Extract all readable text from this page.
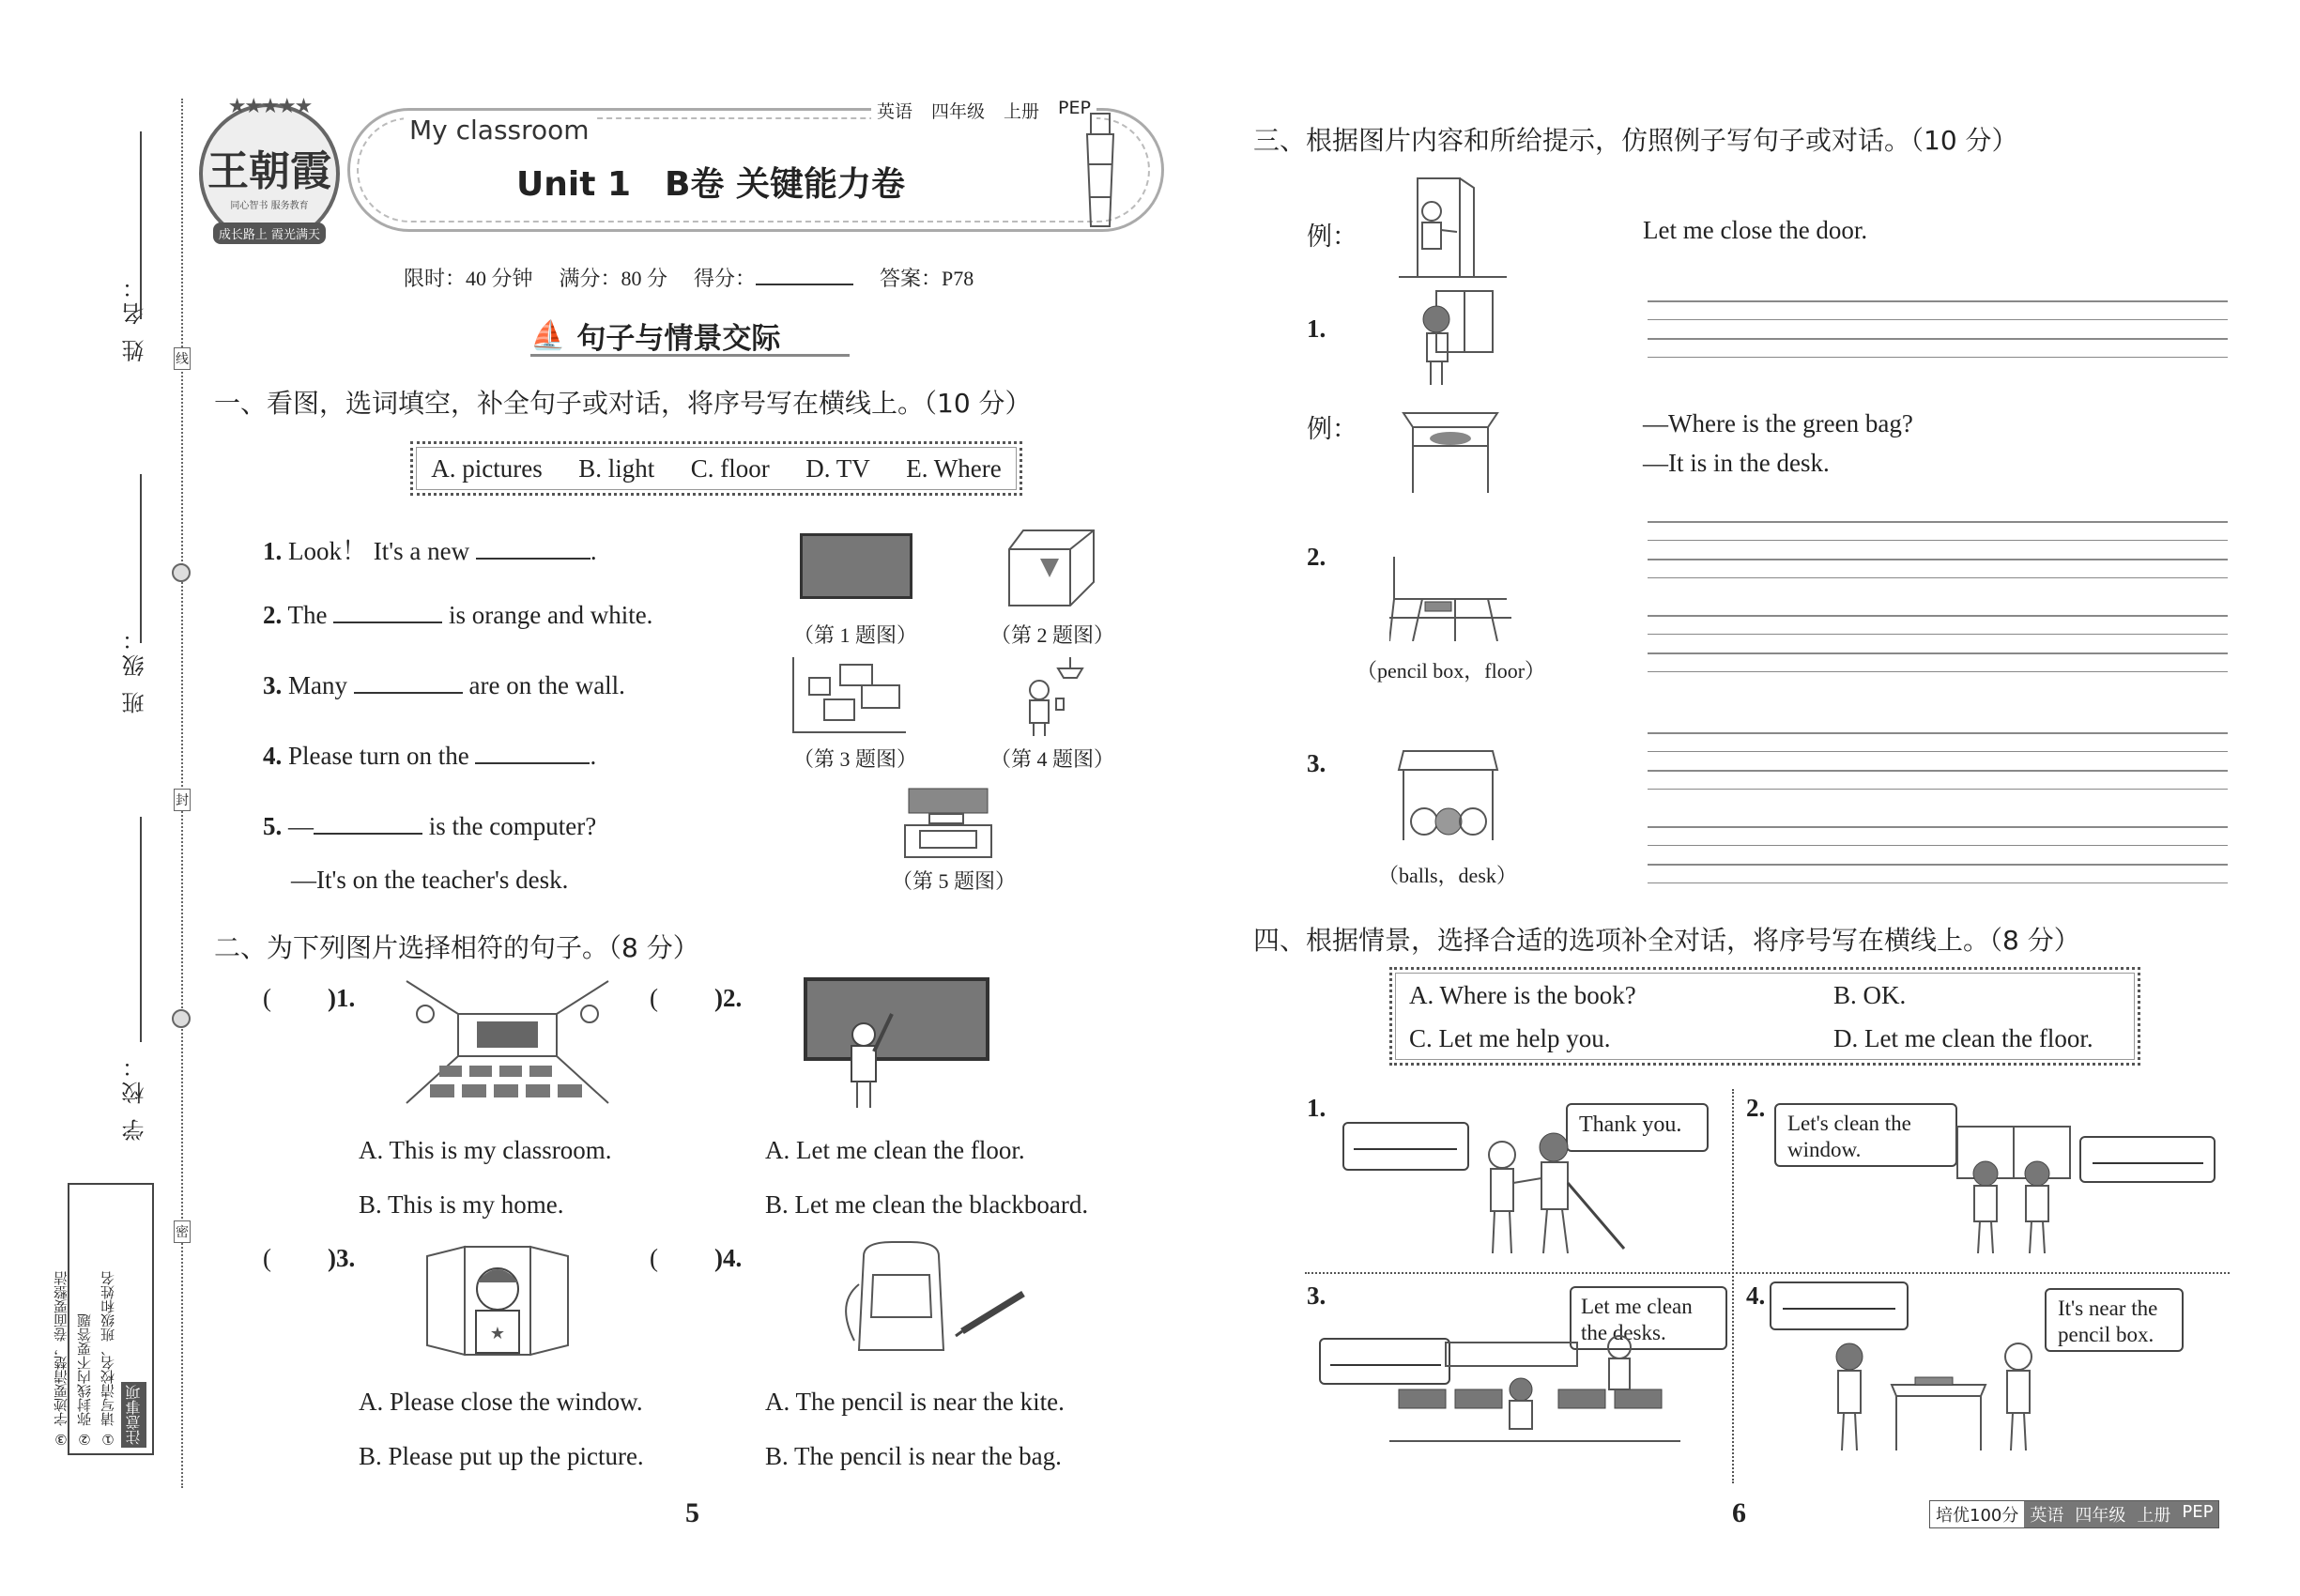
姓 名：
班 级：
学 校：
线
封
密
注意事项
① 请写清校名、班级和姓名
② 弥封线内不要答题
③ 字迹要清楚，卷面要整洁
★★★★★
王朝霞
同心智书 服务教育
成长路上 霞光满天
My classroom
英语 四年级 上册 PEP
Unit 1　B卷 关键能力卷
限时：40 分钟 满分：80 分 得分：	答案：P78
⛵ 句子与情景交际
一、看图，选词填空，补全句子或对话，将序号写在横线上。（10 分）
A. pictures B. light C. floor D. TV E. Where
1. Look！ It's a new	.
2. The	is orange and white.
3. Many	are on the wall.
4. Please turn on the	.
5. —	is the computer?
—It's on the teacher's desk.
（第 1 题图）	（第 2 题图）
（第 3 题图）	（第 4 题图）
（第 5 题图）
二、为下列图片选择相符的句子。（8 分）
( )1.
A. This is my classroom.
B. This is my home.
( )2.
A. Let me clean the floor.
B. Let me clean the blackboard.
( )3.
★
A. Please close the window.
B. Please put up the picture.
( )4.
A. The pencil is near the kite.
B. The pencil is near the bag.
三、根据图片内容和所给提示，仿照例子写句子或对话。（10 分）
例：	Let me close the door.
1.
例：	—Where is the green bag?
—It is in the desk.
2.
（pencil box，floor）
3.
（balls，desk）
四、根据情景，选择合适的选项补全对话，将序号写在横线上。（8 分）
A. Where is the book?	B. OK.
C. Let me help you.	D. Let me clean the floor.
1.
Thank you.
2.
Let's clean the window.
3.	Let me clean the desks.
4.	It's near the pencil box.
5	6	培优100分 英语 四年级 上册 PEP
